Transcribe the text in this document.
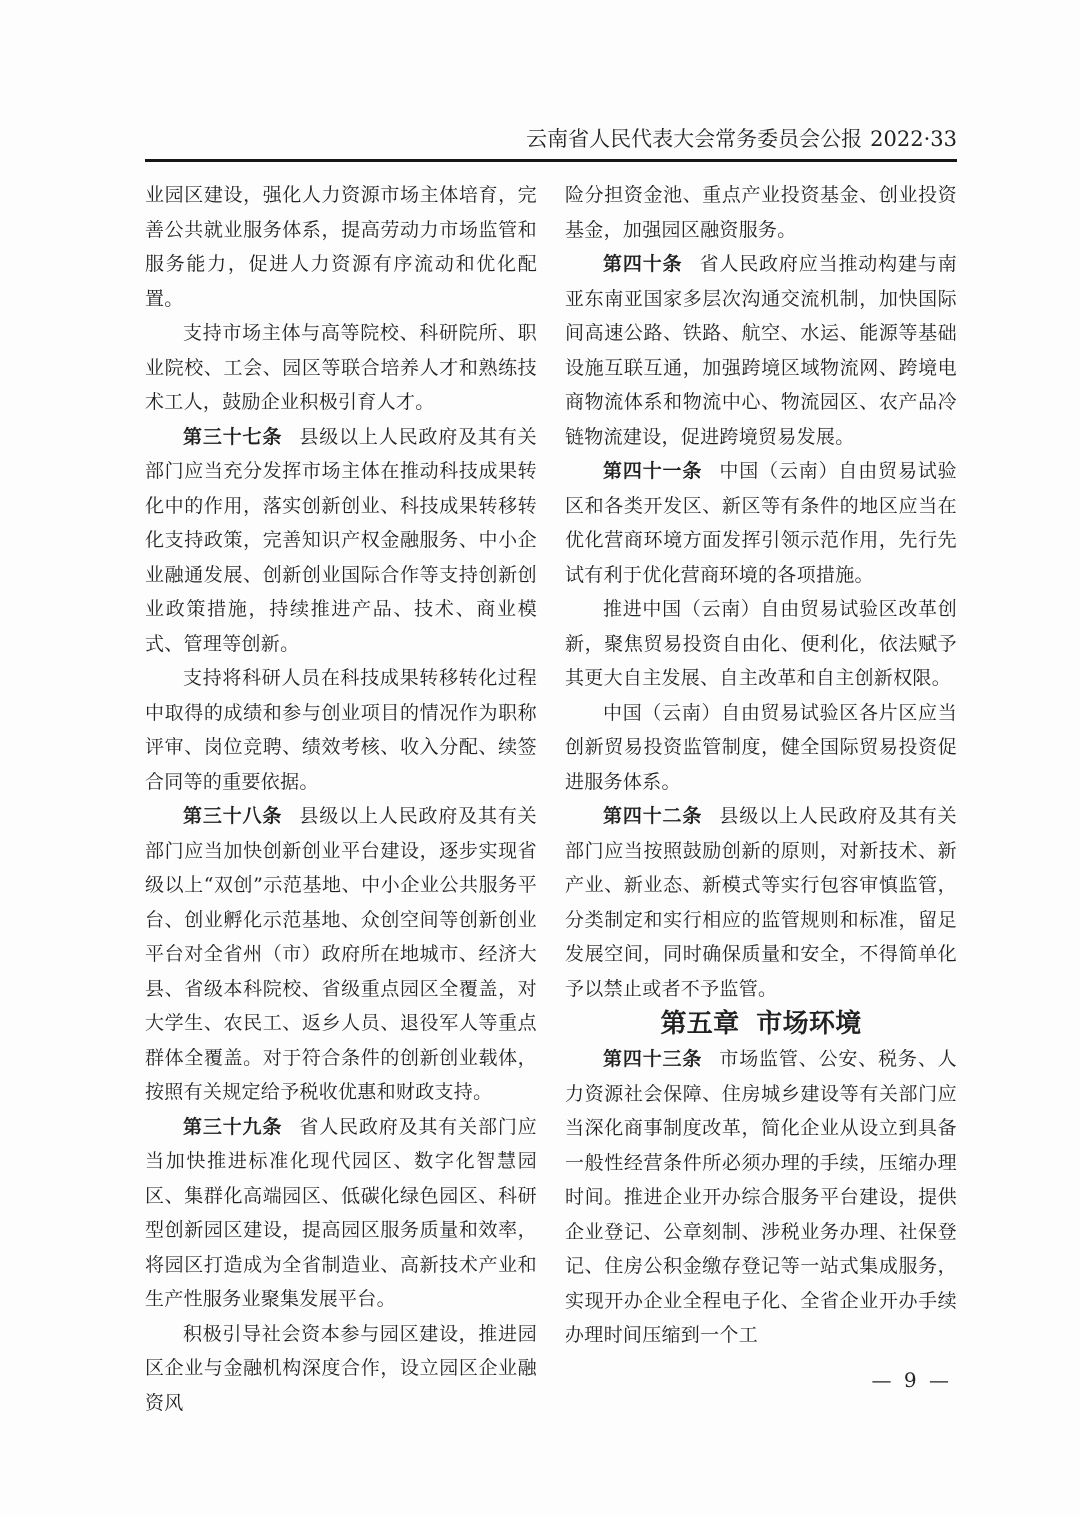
云南省人民代表大会常务委员会公报 2022·33

业园区建设，强化人力资源市场主体培育，完善公共就业服务体系，提高劳动力市场监管和服务能力，促进人力资源有序流动和优化配置。

支持市场主体与高等院校、科研院所、职业院校、工会、园区等联合培养人才和熟练技术工人，鼓励企业积极引育人才。

第三十七条 县级以上人民政府及其有关部门应当充分发挥市场主体在推动科技成果转化中的作用，落实创新创业、科技成果转移转化支持政策，完善知识产权金融服务、中小企业融通发展、创新创业国际合作等支持创新创业政策措施，持续推进产品、技术、商业模式、管理等创新。

支持将科研人员在科技成果转移转化过程中取得的成绩和参与创业项目的情况作为职称评审、岗位竞聘、绩效考核、收入分配、续签合同等的重要依据。

第三十八条 县级以上人民政府及其有关部门应当加快创新创业平台建设，逐步实现省级以上“双创”示范基地、中小企业公共服务平台、创业孵化示范基地、众创空间等创新创业平台对全省州（市）政府所在地城市、经济大县、省级本科院校、省级重点园区全覆盖，对大学生、农民工、返乡人员、退役军人等重点群体全覆盖。对于符合条件的创新创业载体，按照有关规定给予税收优惠和财政支持。

第三十九条 省人民政府及其有关部门应当加快推进标准化现代园区、数字化智慧园区、集群化高端园区、低碳化绿色园区、科研型创新园区建设，提高园区服务质量和效率，将园区打造成为全省制造业、高新技术产业和生产性服务业聚集发展平台。

积极引导社会资本参与园区建设，推进园区企业与金融机构深度合作，设立园区企业融资风

险分担资金池、重点产业投资基金、创业投资基金，加强园区融资服务。

第四十条 省人民政府应当推动构建与南亚东南亚国家多层次沟通交流机制，加快国际间高速公路、铁路、航空、水运、能源等基础设施互联互通，加强跨境区域物流网、跨境电商物流体系和物流中心、物流园区、农产品冷链物流建设，促进跨境贸易发展。

第四十一条 中国（云南）自由贸易试验区和各类开发区、新区等有条件的地区应当在优化营商环境方面发挥引领示范作用，先行先试有利于优化营商环境的各项措施。

推进中国（云南）自由贸易试验区改革创新，聚焦贸易投资自由化、便利化，依法赋予其更大自主发展、自主改革和自主创新权限。

中国（云南）自由贸易试验区各片区应当创新贸易投资监管制度，健全国际贸易投资促进服务体系。

第四十二条 县级以上人民政府及其有关部门应当按照鼓励创新的原则，对新技术、新产业、新业态、新模式等实行包容审慎监管，分类制定和实行相应的监管规则和标准，留足发展空间，同时确保质量和安全，不得简单化予以禁止或者不予监管。

第五章 市场环境

第四十三条 市场监管、公安、税务、人力资源社会保障、住房城乡建设等有关部门应当深化商事制度改革，简化企业从设立到具备一般性经营条件所必须办理的手续，压缩办理时间。推进企业开办综合服务平台建设，提供企业登记、公章刻制、涉税业务办理、社保登记、住房公积金缴存登记等一站式集成服务，实现开办企业全程电子化、全省企业开办手续办理时间压缩到一个工

— 9 —
